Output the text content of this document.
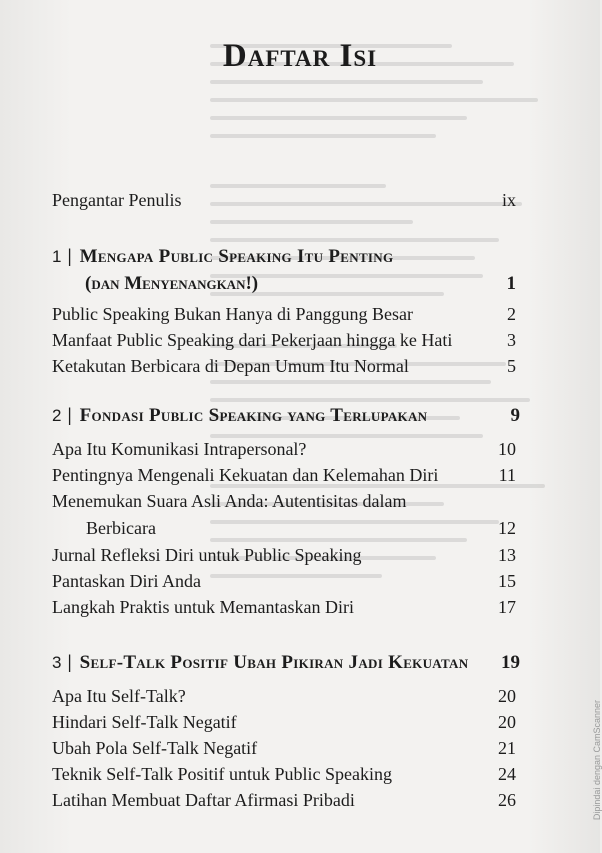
Daftar Isi
Pengantar Penulis	ix
1 | Mengapa Public Speaking Itu Penting
(dan Menyenangkan!)	1
Public Speaking Bukan Hanya di Panggung Besar	2
Manfaat Public Speaking dari Pekerjaan hingga ke Hati	3
Ketakutan Berbicara di Depan Umum Itu Normal	5
2 | Fondasi Public Speaking yang Terlupakan	9
Apa Itu Komunikasi Intrapersonal?	10
Pentingnya Mengenali Kekuatan dan Kelemahan Diri	11
Menemukan Suara Asli Anda: Autentisitas dalam
Berbicara	12
Jurnal Refleksi Diri untuk Public Speaking	13
Pantaskan Diri Anda	15
Langkah Praktis untuk Memantaskan Diri	17
3 | Self-Talk Positif Ubah Pikiran Jadi Kekuatan 19
Apa Itu Self-Talk?	20
Hindari Self-Talk Negatif	20
Ubah Pola Self-Talk Negatif	21
Teknik Self-Talk Positif untuk Public Speaking	24
Latihan Membuat Daftar Afirmasi Pribadi	26	Dipindai dengan CamScanner
